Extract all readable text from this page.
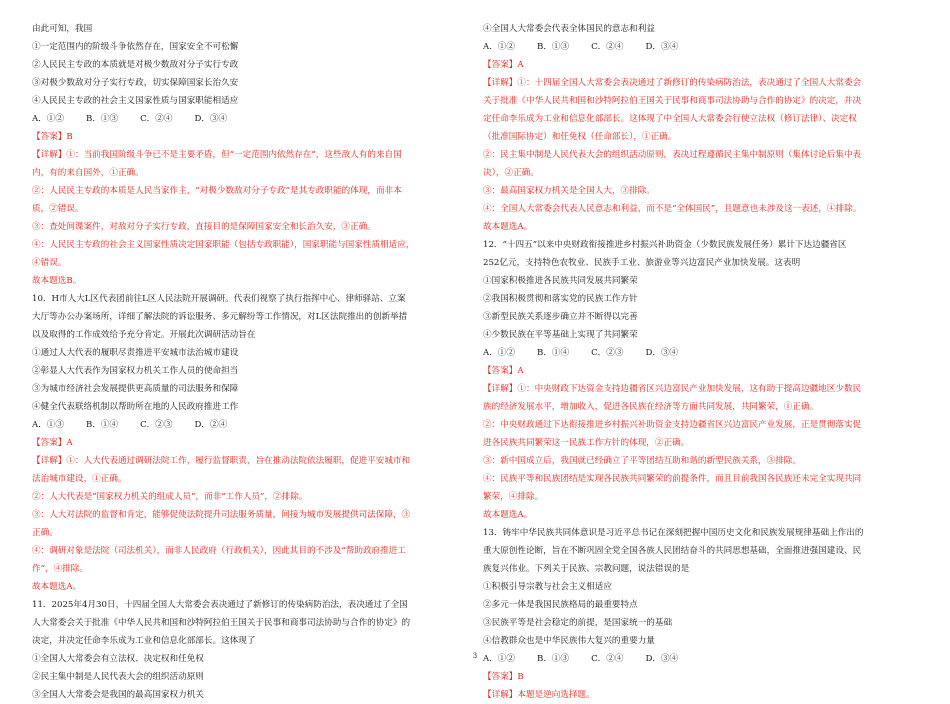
由此可知，我国
①一定范围内的阶级斗争依然存在，国家安全不可松懈
②人民民主专政的本质就是对极少数敌对分子实行专政
③对极少数敌对分子实行专政，切实保障国家长治久安
④人民民主专政的社会主义国家性质与国家职能相适应
A．①②	B．①③	C．②④	D．③④
【答案】B
【详解】①：当前我国阶级斗争已不是主要矛盾，但“一定范围内依然存在”，这些敌人有的来自国
内，有的来自国外，①正确。
②：人民民主专政的本质是人民当家作主，“对极少数敌对分子专政”是其专政职能的体现，而非本
质，②错误。
③：查处间谍案件，对敌对分子实行专政，直接目的是保障国家安全和长治久安，③正确。
④：人民民主专政的社会主义国家性质决定国家职能（包括专政职能），国家职能与国家性质相适应，
④错误。
故本题选B。
10．H市人大L区代表团前往L区人民法院开展调研。代表们视察了执行指挥中心、律师驿站、立案
大厅等办公办案场所，详细了解法院的诉讼服务、多元解纷等工作情况，对L区法院推出的创新举措
以及取得的工作成效给予充分肯定。开展此次调研活动旨在
①通过人大代表的履职尽责推进平安城市法治城市建设
②彰显人大代表作为国家权力机关工作人员的使命担当
③为城市经济社会发展提供更高质量的司法服务和保障
④健全代表联络机制以帮助所在地的人民政府推进工作
A．①③	B．①④	C．②③	D．②④
【答案】A
【详解】①：人大代表通过调研法院工作，履行监督职责，旨在推动法院依法履职，促进平安城市和
法治城市建设，①正确。
②：人大代表是“国家权力机关的组成人员”，而非“工作人员”，②排除。
③：人大对法院的监督和肯定，能够促使法院提升司法服务质量，间接为城市发展提供司法保障，③
正确。
④：调研对象是法院（司法机关），而非人民政府（行政机关），因此其目的不涉及“帮助政府推进工
作”，④排除。
故本题选A。
11．2025年4月30日，十四届全国人大常委会表决通过了新修订的传染病防治法，表决通过了全国
人大常委会关于批准《中华人民共和国和沙特阿拉伯王国关于民事和商事司法协助与合作的协定》的
决定，并决定任命李乐成为工业和信息化部部长。这体现了
①全国人大常委会有立法权、决定权和任免权
②民主集中制是人民代表大会的组织活动原则
③全国人大常委会是我国的最高国家权力机关
④全国人大常委会代表全体国民的意志和利益
A．①②	B．①③	C．②④	D．③④
【答案】A
【详解】①：十四届全国人大常委会表决通过了新修订的传染病防治法，表决通过了全国人大常委会
关于批准《中华人民共和国和沙特阿拉伯王国关于民事和商事司法协助与合作的协定》的决定，并决
定任命李乐成为工业和信息化部部长。这体现了中全国人大常委会行使立法权（修订法律）、决定权
（批准国际协定）和任免权（任命部长），①正确。
②：民主集中制是人民代表大会的组织活动原则，表决过程遵循民主集中制原则（集体讨论后集中表
决），②正确。
③：最高国家权力机关是全国人大，③排除。
④：全国人大常委会代表人民意志和利益，而不是“全体国民”，且题意也未涉及这一表述，④排除。
故本题选A。
12．“十四五”以来中央财政衔接推进乡村振兴补助资金（少数民族发展任务）累计下达边疆省区
252亿元，支持特色农牧业、民族手工业、旅游业等兴边富民产业加快发展。这表明
①国家积极推进各民族共同发展共同繁荣
②我国积极贯彻和落实党的民族工作方针
③新型民族关系逐步确立并不断得以完善
④少数民族在平等基础上实现了共同繁荣
A．①②	B．①④	C．②③	D．③④
【答案】A
【详解】①：中央财政下达资金支持边疆省区兴边富民产业加快发展，这有助于提高边疆地区少数民
族的经济发展水平，增加收入，促进各民族在经济等方面共同发展，共同繁荣，①正确。
②：中央财政通过下达衔接推进乡村振兴补助资金支持边疆省区兴边富民产业发展，正是贯彻落实促
进各民族共同繁荣这一民族工作方针的体现，②正确。
③：新中国成立后，我国就已经确立了平等团结互助和谐的新型民族关系，③排除。
④：民族平等和民族团结是实现各民族共同繁荣的前提条件，而且目前我国各民族还未完全实现共同
繁荣，④排除。
故本题选A。
13．铸牢中华民族共同体意识是习近平总书记在深刻把握中国历史文化和民族发展规律基础上作出的
重大原创性论断，旨在不断巩固全党全国各族人民团结奋斗的共同思想基础，全面推进强国建设、民
族复兴伟业。下列关于民族、宗教问题，说法错误的是
①积极引导宗教与社会主义相适应
②多元一体是我国民族格局的最重要特点
③民族平等是社会稳定的前提，是国家统一的基础
④信教群众也是中华民族伟大复兴的重要力量
A．①②	B．①③	C．②④	D．③④
【答案】B
【详解】本题是逆向选择题。
3
